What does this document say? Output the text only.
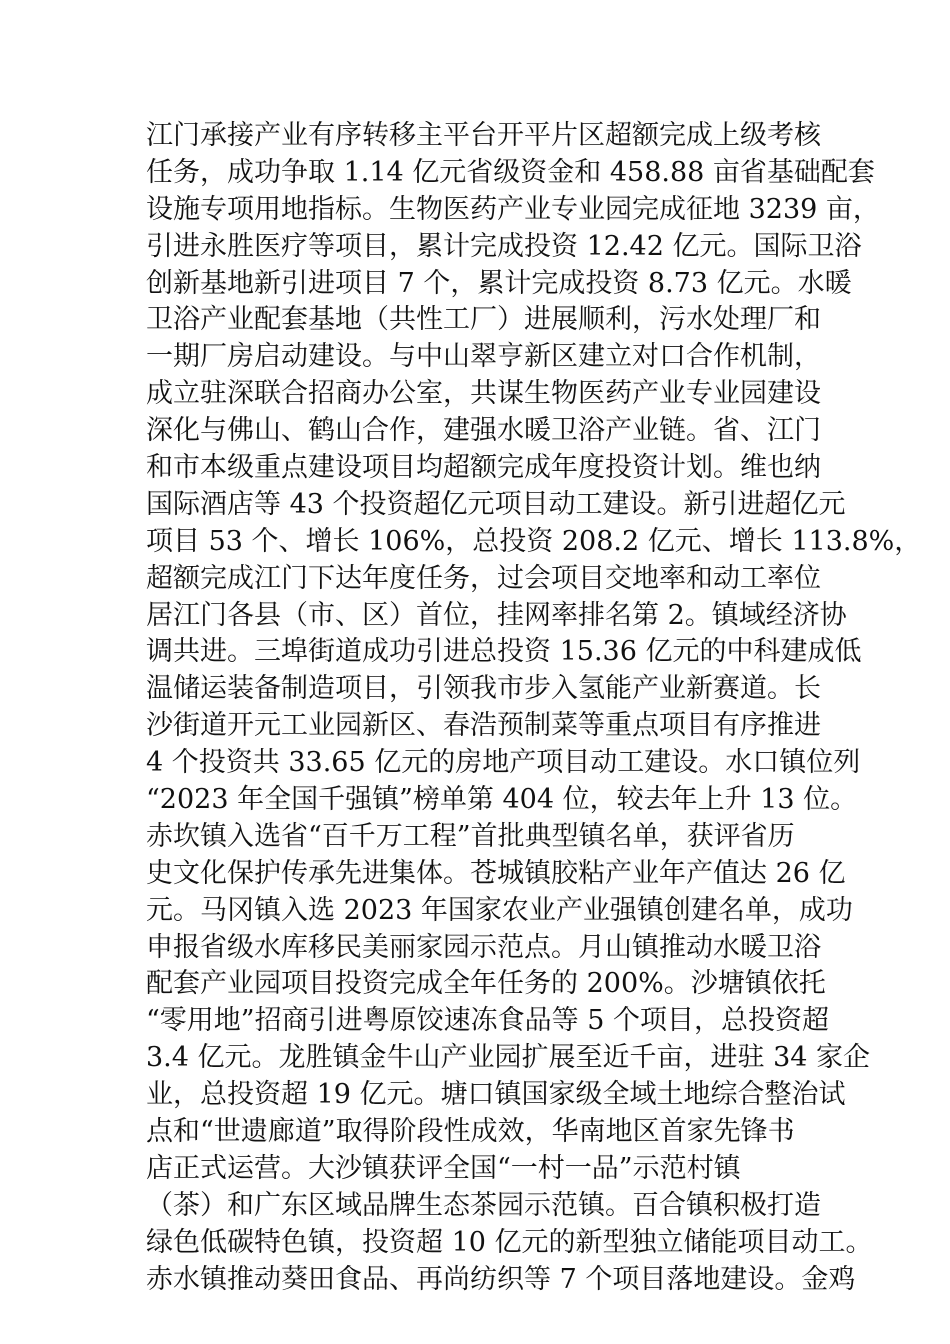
江门承接产业有序转移主平台开平片区超额完成上级考核
任务，成功争取 1.14 亿元省级资金和 458.88 亩省基础配套
设施专项用地指标。生物医药产业专业园完成征地 3239 亩，
引进永胜医疗等项目，累计完成投资 12.42 亿元。国际卫浴
创新基地新引进项目 7 个，累计完成投资 8.73 亿元。水暖
卫浴产业配套基地（共性工厂）进展顺利，污水处理厂和
一期厂房启动建设。与中山翠亨新区建立对口合作机制，
成立驻深联合招商办公室，共谋生物医药产业专业园建设
深化与佛山、鹤山合作，建强水暖卫浴产业链。省、江门
和市本级重点建设项目均超额完成年度投资计划。维也纳
国际酒店等 43 个投资超亿元项目动工建设。新引进超亿元
项目 53 个、增长 106%，总投资 208.2 亿元、增长 113.8%，
超额完成江门下达年度任务，过会项目交地率和动工率位
居江门各县（市、区）首位，挂网率排名第 2。镇域经济协
调共进。三埠街道成功引进总投资 15.36 亿元的中科建成低
温储运装备制造项目，引领我市步入氢能产业新赛道。长
沙街道开元工业园新区、春浩预制菜等重点项目有序推进
4 个投资共 33.65 亿元的房地产项目动工建设。水口镇位列
“2023 年全国千强镇”榜单第 404 位，较去年上升 13 位。
赤坎镇入选省“百千万工程”首批典型镇名单，获评省历
史文化保护传承先进集体。苍城镇胶粘产业年产值达 26 亿
元。马冈镇入选 2023 年国家农业产业强镇创建名单，成功
申报省级水库移民美丽家园示范点。月山镇推动水暖卫浴
配套产业园项目投资完成全年任务的 200%。沙塘镇依托
“零用地”招商引进粤原饺速冻食品等 5 个项目，总投资超
3.4 亿元。龙胜镇金牛山产业园扩展至近千亩，进驻 34 家企
业，总投资超 19 亿元。塘口镇国家级全域土地综合整治试
点和“世遗廊道”取得阶段性成效，华南地区首家先锋书
店正式运营。大沙镇获评全国“一村一品”示范村镇
（茶）和广东区域品牌生态茶园示范镇。百合镇积极打造
绿色低碳特色镇，投资超 10 亿元的新型独立储能项目动工。
赤水镇推动葵田食品、再尚纺织等 7 个项目落地建设。金鸡
